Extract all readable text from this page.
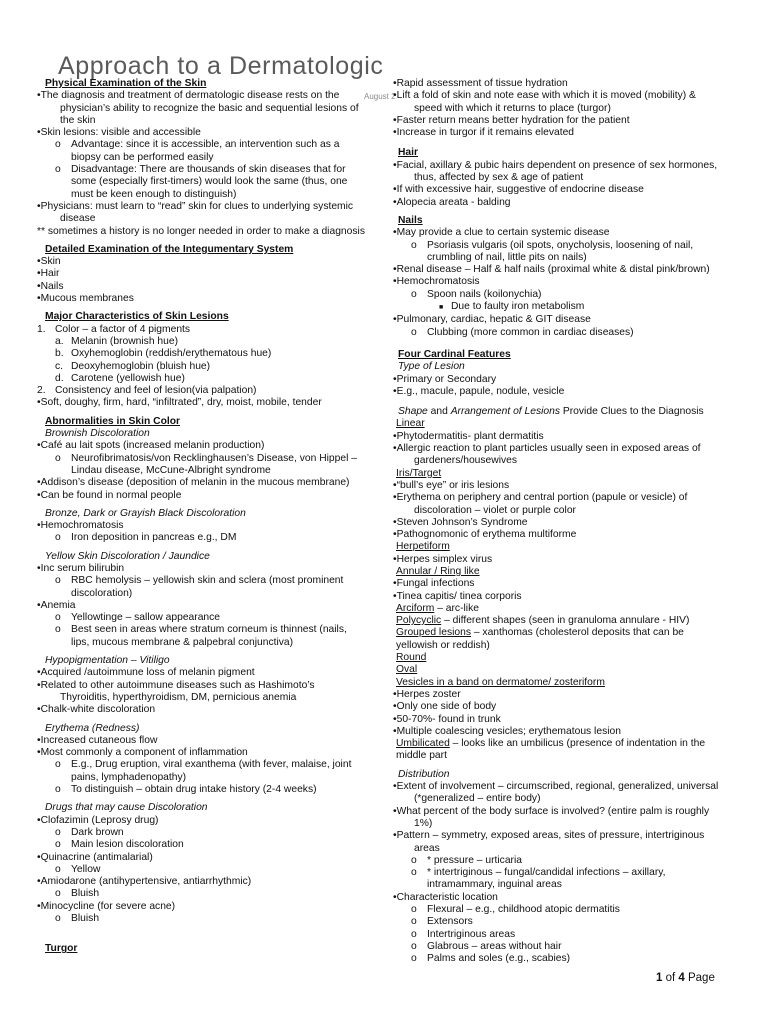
Approach to a Dermatologic
August 2
Physical Examination of the Skin
•The diagnosis and treatment of dermatologic disease rests on the physician’s ability to recognize the basic and sequential lesions of the skin
•Skin lesions: visible and accessible
o Advantage: since it is accessible, an intervention such as a biopsy can be performed easily
o Disadvantage: There are thousands of skin diseases that for some (especially first-timers) would look the same (thus, one must be keen enough to distinguish)
•Physicians: must learn to “read” skin for clues to underlying systemic disease
** sometimes a history is no longer needed in order to make a diagnosis
Detailed Examination of the Integumentary System
•Skin
•Hair
•Nails
•Mucous membranes
Major Characteristics of Skin Lesions
1. Color – a factor of 4 pigments
a. Melanin (brownish hue)
b. Oxyhemoglobin (reddish/erythematous hue)
c. Deoxyhemoglobin (bluish hue)
d. Carotene (yellowish hue)
2. Consistency and feel of lesion(via palpation)
•Soft, doughy, firm, hard, “infiltrated”, dry, moist, mobile, tender
Abnormalities in Skin Color
Brownish Discoloration
•Café au lait spots (increased melanin production)
o Neurofibrimatosis/von Recklinghausen’s Disease, von Hippel – Lindau disease, McCune-Albright syndrome
•Addison’s disease (deposition of melanin in the mucous membrane)
•Can be found in normal people
Bronze, Dark or Grayish Black Discoloration
•Hemochromatosis
o Iron deposition in pancreas e.g., DM
Yellow Skin Discoloration / Jaundice
•Inc serum bilirubin
o RBC hemolysis – yellowish skin and sclera (most prominent discoloration)
•Anemia
o Yellowtinge – sallow appearance
o Best seen in areas where stratum corneum is thinnest (nails, lips, mucous membrane & palpebral conjunctiva)
Hypopigmentation – Vitiligo
•Acquired /autoimmune loss of melanin pigment
•Related to other autoimmune diseases such as Hashimoto’s Thyroiditis, hyperthyroidism, DM, pernicious anemia
•Chalk-white discoloration
Erythema (Redness)
•Increased cutaneous flow
•Most commonly a component of inflammation
o E.g., Drug eruption, viral exanthema (with fever, malaise, joint pains, lymphadenopathy)
o To distinguish – obtain drug intake history (2-4 weeks)
Drugs that may cause Discoloration
•Clofazimin (Leprosy drug)
o Dark brown
o Main lesion discoloration
•Quinacrine (antimalarial)
o Yellow
•Amiodarone (antihypertensive, antiarrhythmic)
o Bluish
•Minocycline (for severe acne)
o Bluish
Turgor
•Rapid assessment of tissue hydration
•Lift a fold of skin and note ease with which it is moved (mobility) & speed with which it returns to place (turgor)
•Faster return means better hydration for the patient
•Increase in turgor if it remains elevated
Hair
•Facial, axillary & pubic hairs dependent on presence of sex hormones, thus, affected by sex & age of patient
•If with excessive hair, suggestive of endocrine disease
•Alopecia areata - balding
Nails
•May provide a clue to certain systemic disease
o Psoriasis vulgaris (oil spots, onycholysis, loosening of nail, crumbling of nail, little pits on nails)
•Renal disease – Half & half nails (proximal white & distal pink/brown)
•Hemochromatosis
o Spoon nails (koilonychia)
■ Due to faulty iron metabolism
•Pulmonary, cardiac, hepatic & GIT disease
o Clubbing (more common in cardiac diseases)
Four Cardinal Features
Type of Lesion
•Primary or Secondary
•E.g., macule, papule, nodule, vesicle
Shape and Arrangement of Lesions Provide Clues to the Diagnosis
Linear
•Phytodermatitis- plant dermatitis
•Allergic reaction to plant particles usually seen in exposed areas of gardeners/housewives
Iris/Target
•“bull’s eye” or iris lesions
•Erythema on periphery and central portion (papule or vesicle) of discoloration – violet or purple color
•Steven Johnson’s Syndrome
•Pathognomonic of erythema multiforme
Herpetiform
•Herpes simplex virus
Annular / Ring like
•Fungal infections
•Tinea capitis/ tinea corporis
Arciform – arc-like
Polycyclic – different shapes (seen in granuloma annulare - HIV)
Grouped lesions – xanthomas (cholesterol deposits that can be yellowish or reddish)
Round
Oval
Vesicles in a band on dermatome/ zosteriform
•Herpes zoster
•Only one side of body
•50-70%- found in trunk
•Multiple coalescing vesicles; erythematous lesion
Umbilicated – looks like an umbilicus (presence of indentation in the middle part
Distribution
•Extent of involvement – circumscribed, regional, generalized, universal (*generalized – entire body)
•What percent of the body surface is involved? (entire palm is roughly 1%)
•Pattern – symmetry, exposed areas, sites of pressure, intertriginous areas
o * pressure – urticaria
o * intertriginous – fungal/candidal infections – axillary, intramammary, inguinal areas
•Characteristic location
o Flexural – e.g., childhood atopic dermatitis
o Extensors
o Intertriginous areas
o Glabrous – areas without hair
o Palms and soles (e.g., scabies)
1 of 4 Page
